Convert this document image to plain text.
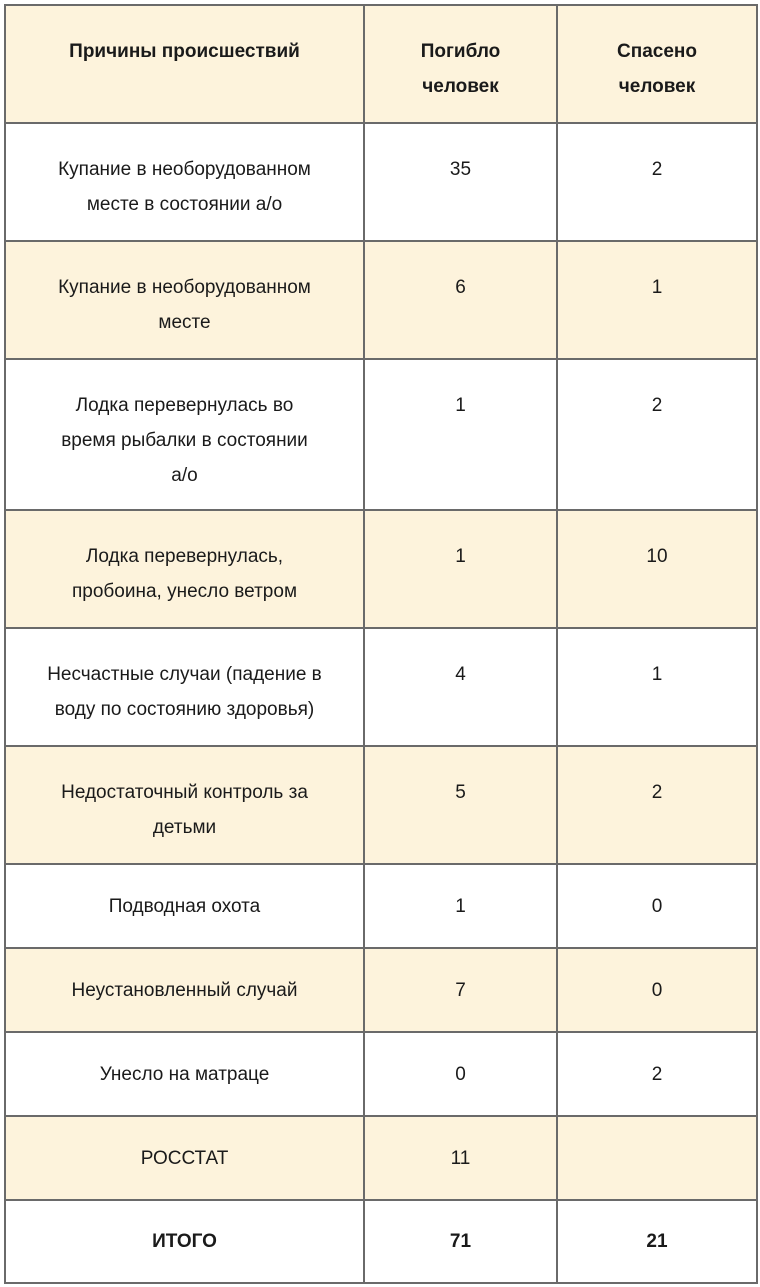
Причины происшествий	Погибло человек	Спасено человек
Купание в необорудованном месте в состоянии а/о	35	2
Купание в необорудованном месте	6	1
Лодка перевернулась во время рыбалки в состоянии а/о	1	2
Лодка перевернулась, пробоина, унесло ветром	1	10
Несчастные случаи (падение в воду по состоянию здоровья)	4	1
Недостаточный контроль за детьми	5	2
Подводная охота	1	0
Неустановленный случай	7	0
Унесло на матраце	0	2
РОССТАТ	11	
ИТОГО	71	21
